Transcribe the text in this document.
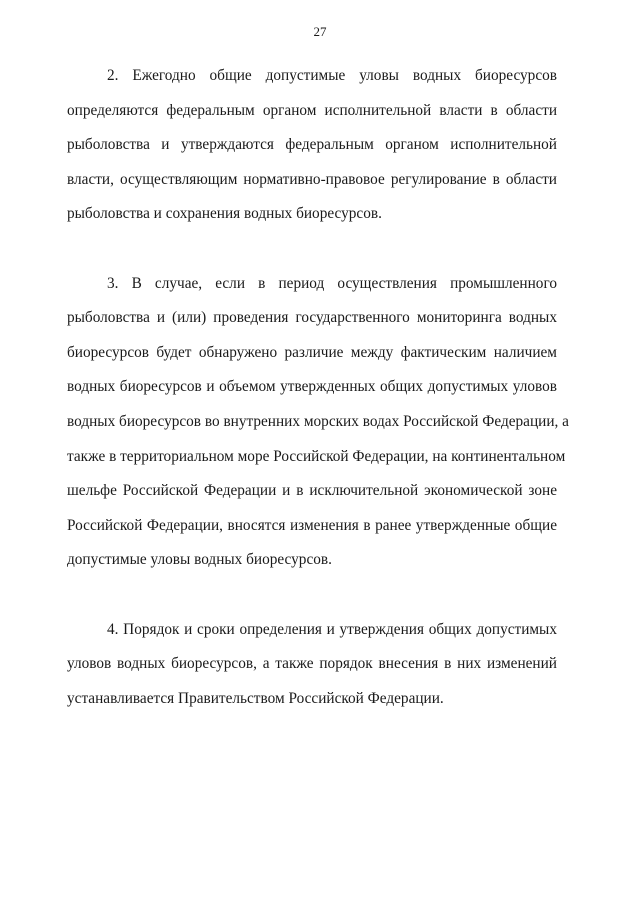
27
2. Ежегодно общие допустимые уловы водных биоресурсов
определяются федеральным органом исполнительной власти в области
рыболовства и утверждаются федеральным органом исполнительной
власти, осуществляющим нормативно-правовое регулирование в области
рыболовства и сохранения водных биоресурсов.
3. В случае, если в период осуществления промышленного
рыболовства и (или) проведения государственного мониторинга водных
биоресурсов будет обнаружено различие между фактическим наличием
водных биоресурсов и объемом утвержденных общих допустимых уловов
водных биоресурсов во внутренних морских водах Российской Федерации, а
также в территориальном море Российской Федерации, на континентальном
шельфе Российской Федерации и в исключительной экономической зоне
Российской Федерации, вносятся изменения в ранее утвержденные общие
допустимые уловы водных биоресурсов.
4. Порядок и сроки определения и утверждения общих допустимых
уловов водных биоресурсов, а также порядок внесения в них изменений
устанавливается Правительством Российской Федерации.
